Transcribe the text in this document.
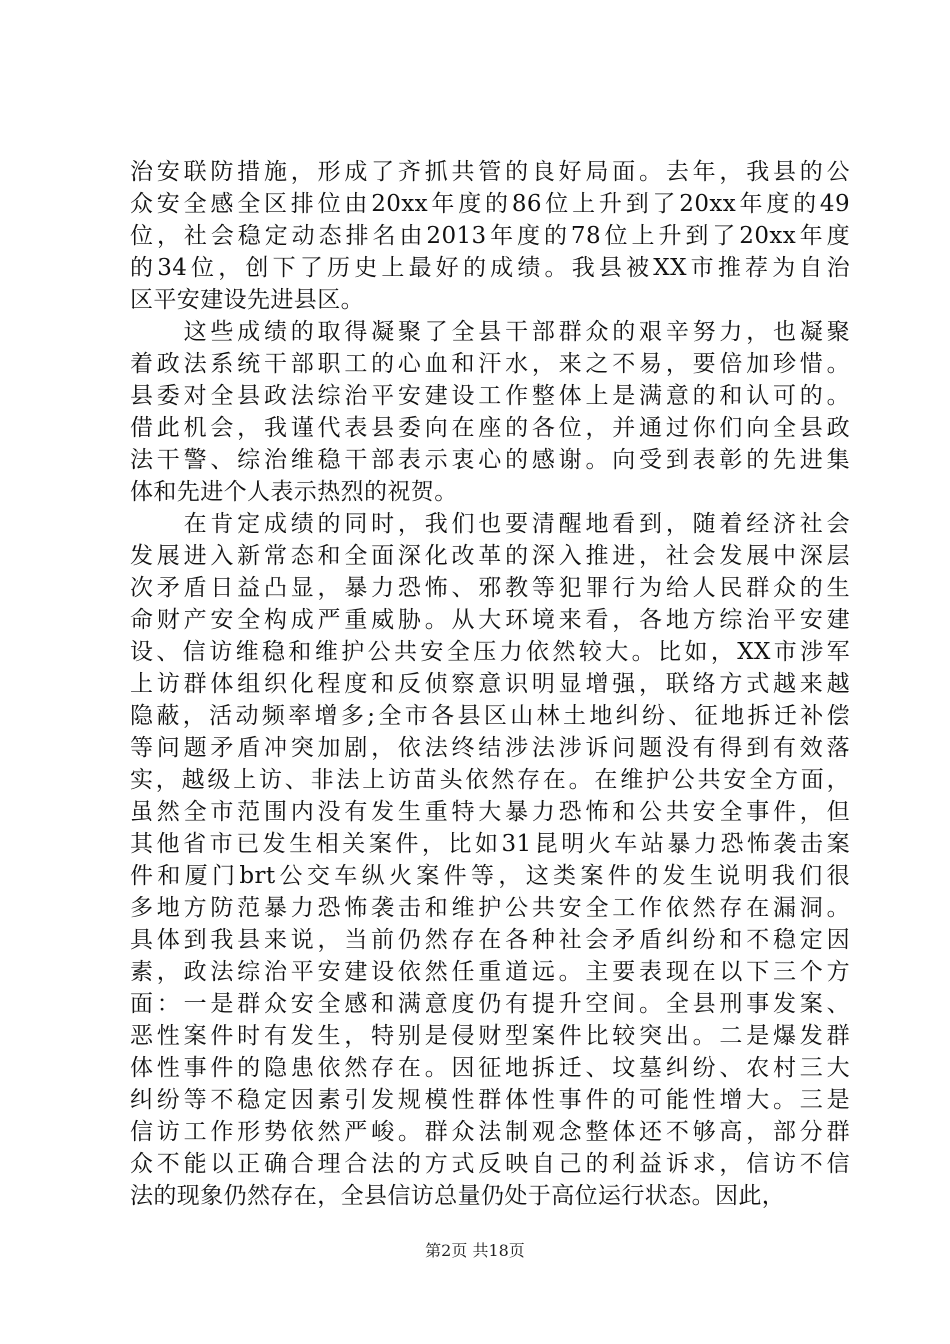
治安联防措施，形成了齐抓共管的良好局面。去年，我县的公
众安全感全区排位由20xx年度的86位上升到了20xx年度的49
位，社会稳定动态排名由2013年度的78位上升到了20xx年度
的34位，创下了历史上最好的成绩。我县被XX市推荐为自治
区平安建设先进县区。
　　这些成绩的取得凝聚了全县干部群众的艰辛努力，也凝聚
着政法系统干部职工的心血和汗水，来之不易，要倍加珍惜。
县委对全县政法综治平安建设工作整体上是满意的和认可的。
借此机会，我谨代表县委向在座的各位，并通过你们向全县政
法干警、综治维稳干部表示衷心的感谢。向受到表彰的先进集
体和先进个人表示热烈的祝贺。
　　在肯定成绩的同时，我们也要清醒地看到，随着经济社会
发展进入新常态和全面深化改革的深入推进，社会发展中深层
次矛盾日益凸显，暴力恐怖、邪教等犯罪行为给人民群众的生
命财产安全构成严重威胁。从大环境来看，各地方综治平安建
设、信访维稳和维护公共安全压力依然较大。比如，XX市涉军
上访群体组织化程度和反侦察意识明显增强，联络方式越来越
隐蔽，活动频率增多;全市各县区山林土地纠纷、征地拆迁补偿
等问题矛盾冲突加剧，依法终结涉法涉诉问题没有得到有效落
实，越级上访、非法上访苗头依然存在。在维护公共安全方面，
虽然全市范围内没有发生重特大暴力恐怖和公共安全事件，但
其他省市已发生相关案件，比如31昆明火车站暴力恐怖袭击案
件和厦门brt公交车纵火案件等，这类案件的发生说明我们很
多地方防范暴力恐怖袭击和维护公共安全工作依然存在漏洞。
具体到我县来说，当前仍然存在各种社会矛盾纠纷和不稳定因
素，政法综治平安建设依然任重道远。主要表现在以下三个方
面：一是群众安全感和满意度仍有提升空间。全县刑事发案、
恶性案件时有发生，特别是侵财型案件比较突出。二是爆发群
体性事件的隐患依然存在。因征地拆迁、坟墓纠纷、农村三大
纠纷等不稳定因素引发规模性群体性事件的可能性增大。三是
信访工作形势依然严峻。群众法制观念整体还不够高，部分群
众不能以正确合理合法的方式反映自己的利益诉求，信访不信
法的现象仍然存在，全县信访总量仍处于高位运行状态。因此，
第2页 共18页
